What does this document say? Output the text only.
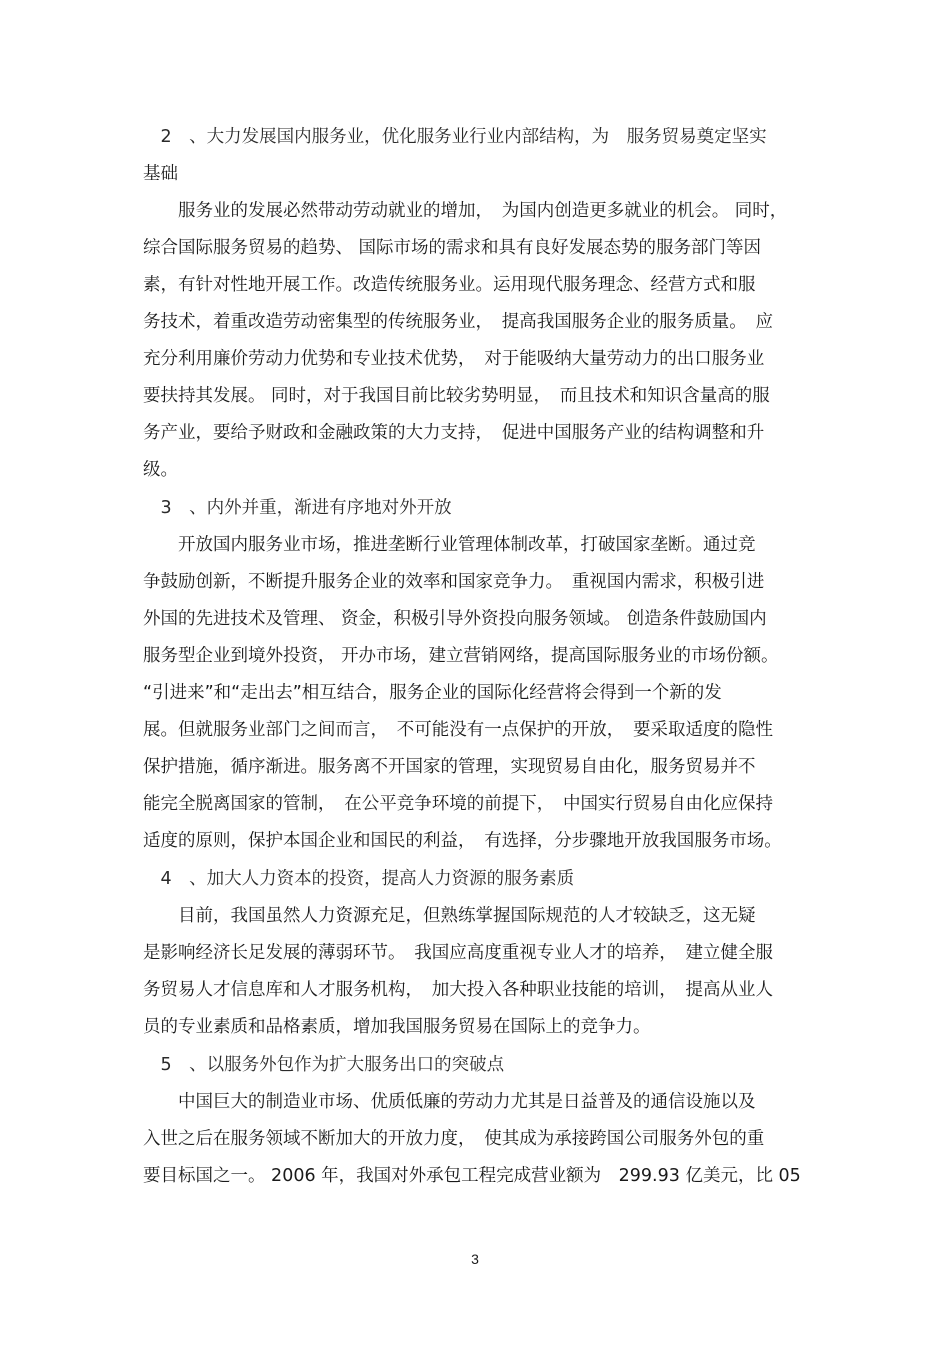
　2　、大力发展国内服务业，优化服务业行业内部结构，为　服务贸易奠定坚实
基础
　　服务业的发展必然带动劳动就业的增加，　为国内创造更多就业的机会。 同时，
综合国际服务贸易的趋势、 国际市场的需求和具有良好发展态势的服务部门等因
素，有针对性地开展工作。改造传统服务业。运用现代服务理念、经营方式和服
务技术，着重改造劳动密集型的传统服务业，　提高我国服务企业的服务质量。　应
充分利用廉价劳动力优势和专业技术优势，　对于能吸纳大量劳动力的出口服务业
要扶持其发展。 同时，对于我国目前比较劣势明显，　而且技术和知识含量高的服
务产业，要给予财政和金融政策的大力支持，　促进中国服务产业的结构调整和升
级。
　3　、内外并重，渐进有序地对外开放
　　开放国内服务业市场，推进垄断行业管理体制改革，打破国家垄断。通过竞
争鼓励创新，不断提升服务企业的效率和国家竞争力。　重视国内需求，积极引进
外国的先进技术及管理、 资金，积极引导外资投向服务领域。 创造条件鼓励国内
服务型企业到境外投资， 开办市场，建立营销网络，提高国际服务业的市场份额。
“引进来”和“走出去”相互结合，服务企业的国际化经营将会得到一个新的发
展。但就服务业部门之间而言，　不可能没有一点保护的开放，　要采取适度的隐性
保护措施，循序渐进。服务离不开国家的管理，实现贸易自由化，服务贸易并不
能完全脱离国家的管制，　在公平竞争环境的前提下，　中国实行贸易自由化应保持
适度的原则，保护本国企业和国民的利益，　有选择，分步骤地开放我国服务市场。
　4　、加大人力资本的投资，提高人力资源的服务素质
　　目前，我国虽然人力资源充足，但熟练掌握国际规范的人才较缺乏，这无疑
是影响经济长足发展的薄弱环节。　我国应高度重视专业人才的培养，　建立健全服
务贸易人才信息库和人才服务机构，　加大投入各种职业技能的培训，　提高从业人
员的专业素质和品格素质，增加我国服务贸易在国际上的竞争力。
　5　、以服务外包作为扩大服务出口的突破点
　　中国巨大的制造业市场、优质低廉的劳动力尤其是日益普及的通信设施以及
入世之后在服务领域不断加大的开放力度，　使其成为承接跨国公司服务外包的重
要目标国之一。 2006 年，我国对外承包工程完成营业额为　299.93 亿美元，比 05
3
